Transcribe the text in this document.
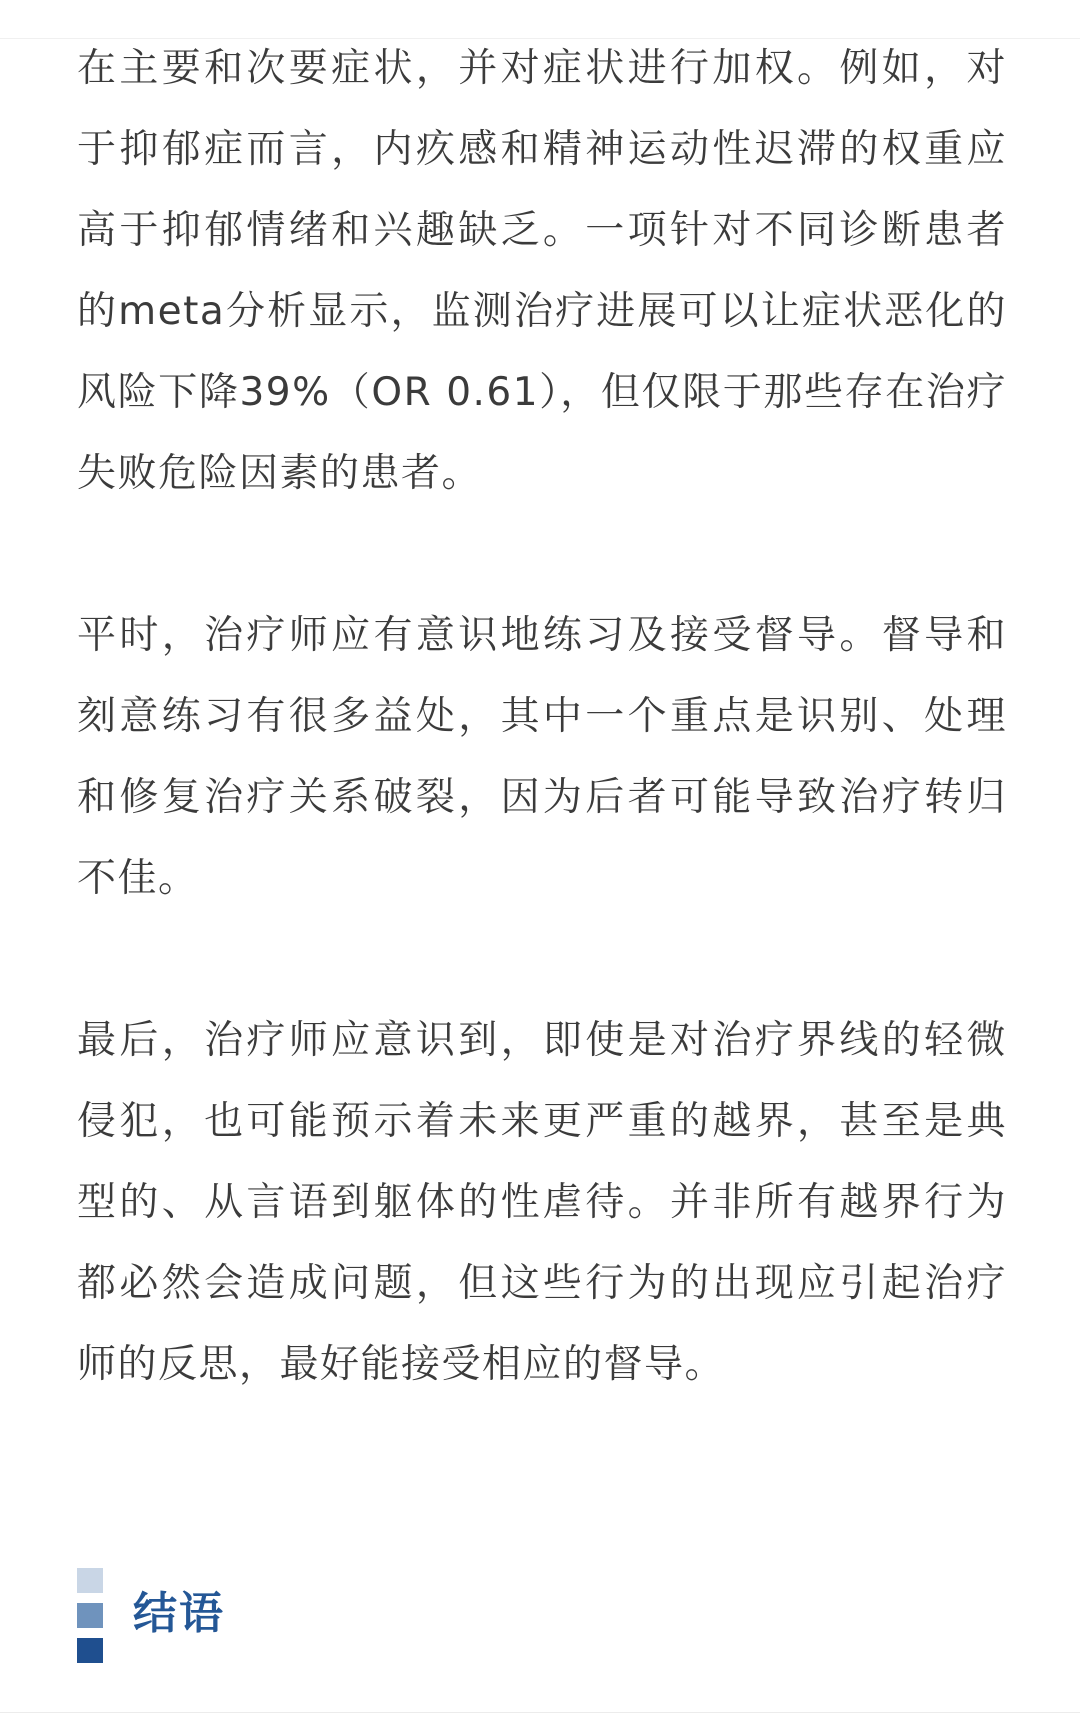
在主要和次要症状，并对症状进行加权。例如，对于抑郁症而言，内疚感和精神运动性迟滞的权重应高于抑郁情绪和兴趣缺乏。一项针对不同诊断患者的meta分析显示，监测治疗进展可以让症状恶化的风险下降39%（OR 0.61），但仅限于那些存在治疗失败危险因素的患者。

平时，治疗师应有意识地练习及接受督导。督导和刻意练习有很多益处，其中一个重点是识别、处理和修复治疗关系破裂，因为后者可能导致治疗转归不佳。

最后，治疗师应意识到，即使是对治疗界线的轻微侵犯，也可能预示着未来更严重的越界，甚至是典型的、从言语到躯体的性虐待。并非所有越界行为都必然会造成问题，但这些行为的出现应引起治疗师的反思，最好能接受相应的督导。

结语
